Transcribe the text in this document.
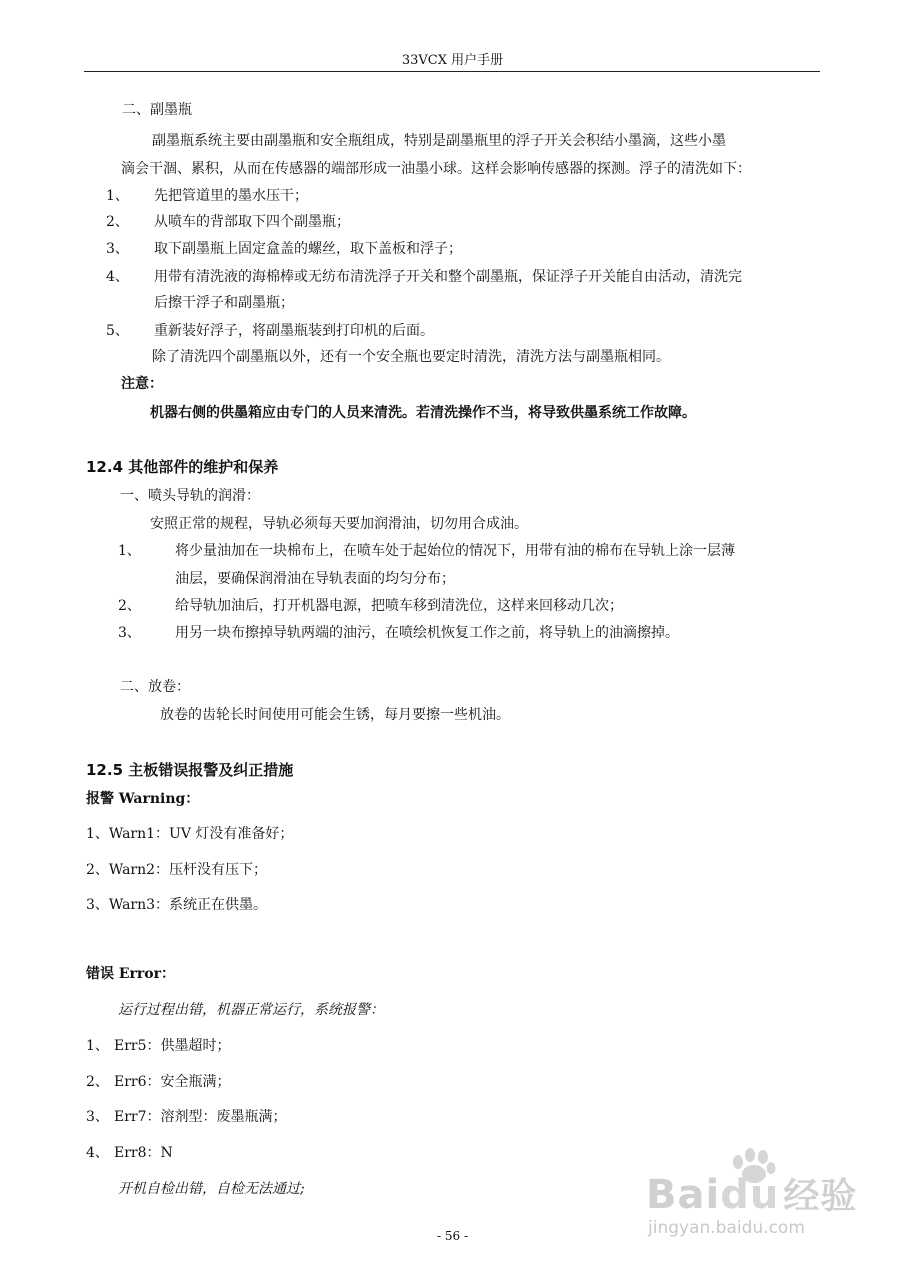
33VCX 用户手册
二、副墨瓶
副墨瓶系统主要由副墨瓶和安全瓶组成，特别是副墨瓶里的浮子开关会积结小墨滴，这些小墨
滴会干涸、累积，从而在传感器的端部形成一油墨小球。这样会影响传感器的探测。浮子的清洗如下：
1、 先把管道里的墨水压干；
2、 从喷车的背部取下四个副墨瓶；
3、 取下副墨瓶上固定盒盖的螺丝，取下盖板和浮子；
4、 用带有清洗液的海棉棒或无纺布清洗浮子开关和整个副墨瓶，保证浮子开关能自由活动，清洗完
后擦干浮子和副墨瓶；
5、 重新装好浮子，将副墨瓶装到打印机的后面。
除了清洗四个副墨瓶以外，还有一个安全瓶也要定时清洗，清洗方法与副墨瓶相同。
注意：
机器右侧的供墨箱应由专门的人员来清洗。若清洗操作不当，将导致供墨系统工作故障。
12.4 其他部件的维护和保养
一、喷头导轨的润滑：
安照正常的规程，导轨必须每天要加润滑油，切勿用合成油。
1、 将少量油加在一块棉布上，在喷车处于起始位的情况下，用带有油的棉布在导轨上涂一层薄
油层，要确保润滑油在导轨表面的均匀分布；
2、 给导轨加油后，打开机器电源，把喷车移到清洗位，这样来回移动几次；
3、 用另一块布擦掉导轨两端的油污，在喷绘机恢复工作之前，将导轨上的油滴擦掉。
二、放卷：
放卷的齿轮长时间使用可能会生锈，每月要擦一些机油。
12.5 主板错误报警及纠正措施
报警 Warning：
1、Warn1：UV 灯没有准备好；
2、Warn2：压杆没有压下；
3、Warn3：系统正在供墨。
错误 Error：
运行过程出错，机器正常运行，系统报警：
1、 Err5：供墨超时；
2、 Err6：安全瓶满；
3、 Err7：溶剂型：废墨瓶满；
4、 Err8：N
开机自检出错，自检无法通过;	Baidu 经验
jingyan.baidu.com
- 56 -
